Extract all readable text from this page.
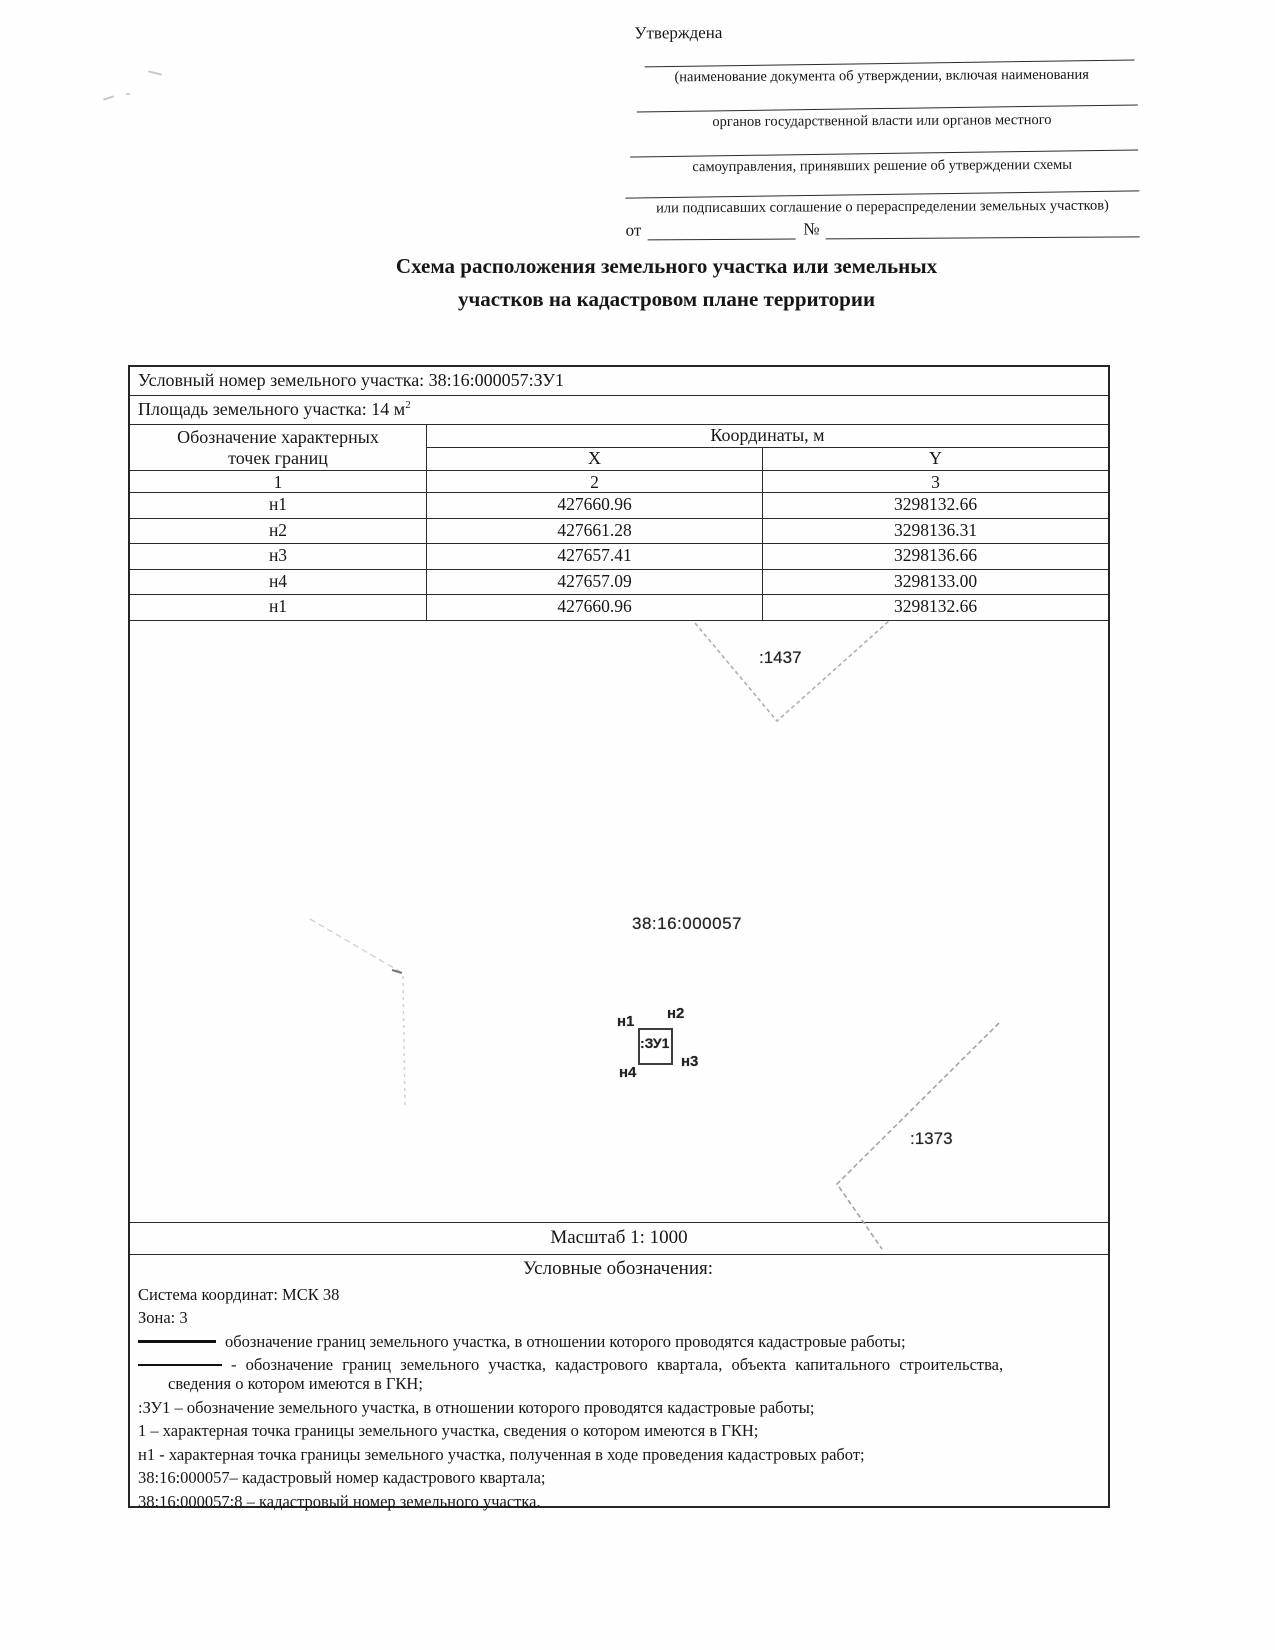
Утверждена
(наименование документа об утверждении, включая наименования
органов государственной власти или органов местного
самоуправления, принявших решение об утверждении схемы
или подписавших соглашение о перераспределении земельных участков)
от	№
Схема расположения земельного участка или земельных
участков на кадастровом плане территории
Условный номер земельного участка: 38:16:000057:ЗУ1
Площадь земельного участка: 14 $м^2$
Обозначение характерных
точек границ
Координаты, м
X	Y
1	2	3
н1	427660.96	3298132.66
н2	427661.28	3298136.31
н3	427657.41	3298136.66
н4	427657.09	3298133.00
н1	427660.96	3298132.66
:1437
38:16:000057
:ЗУ1
н1 н2
н3
н4
:1373
Масштаб 1: 1000
Условные обозначения:
Система координат: МСК 38
Зона: 3
обозначение границ земельного участка, в отношении которого проводятся кадастровые работы;
- обозначение границ земельного участка, кадастрового квартала, объекта капитального строительства,
сведения о котором имеются в ГКН;
:ЗУ1 – обозначение земельного участка, в отношении которого проводятся кадастровые работы;
1 – характерная точка границы земельного участка, сведения о котором имеются в ГКН;
н1 - характерная точка границы земельного участка, полученная в ходе проведения кадастровых работ;
38:16:000057– кадастровый номер кадастрового квартала;
38:16:000057:8 – кадастровый номер земельного участка.
